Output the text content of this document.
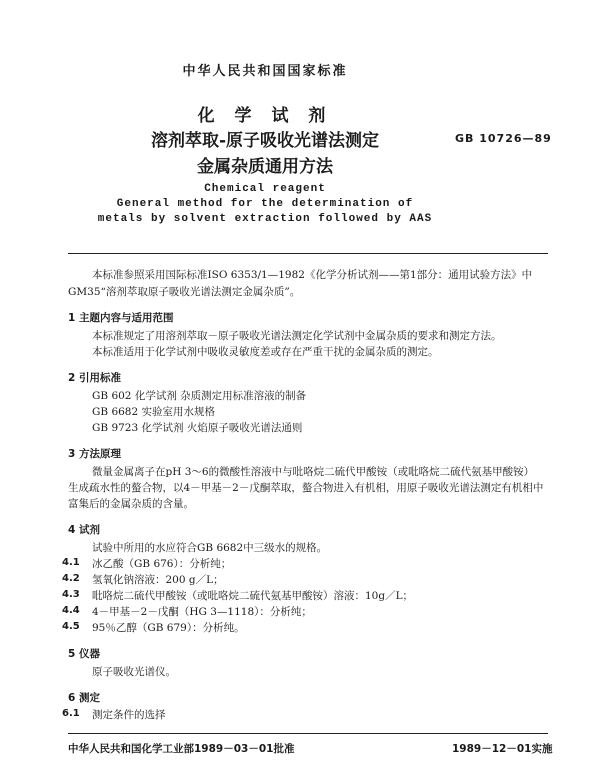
中华人民共和国国家标准
化 学 试 剂
溶剂萃取-原子吸收光谱法测定
金属杂质通用方法
GB 10726—89
Chemical reagent
General method for the determination of
metals by solvent extraction followed by AAS
本标准参照采用国际标准ISO 6353/1—1982《化学分析试剂——第1部分：通用试验方法》中
GM35“溶剂萃取原子吸收光谱法测定金属杂质”。
1 主题内容与适用范围
本标准规定了用溶剂萃取－原子吸收光谱法测定化学试剂中金属杂质的要求和测定方法。
本标准适用于化学试剂中吸收灵敏度差或存在严重干扰的金属杂质的测定。
2 引用标准
GB 602 化学试剂 杂质测定用标准溶液的制备
GB 6682 实验室用水规格
GB 9723 化学试剂 火焰原子吸收光谱法通则
3 方法原理
微量金属离子在pH 3～6的微酸性溶液中与吡咯烷二硫代甲酸铵（或吡咯烷二硫代氨基甲酸铵）
生成疏水性的螯合物，以4－甲基－2－戊酮萃取，螯合物进入有机相，用原子吸收光谱法测定有机相中
富集后的金属杂质的含量。
4 试剂
试验中所用的水应符合GB 6682中三级水的规格。
4.1 冰乙酸（GB 676）：分析纯；
4.2 氢氧化钠溶液：200 g／L；
4.3 吡咯烷二硫代甲酸铵（或吡咯烷二硫代氨基甲酸铵）溶液：10g／L；
4.4 4－甲基－2－戊酮（HG 3—1118）：分析纯；
4.5 95％乙醇（GB 679）：分析纯。
5 仪器
原子吸收光谱仪。
6 测定
6.1 测定条件的选择
中华人民共和国化学工业部1989－03－01批准	1989－12－01实施
